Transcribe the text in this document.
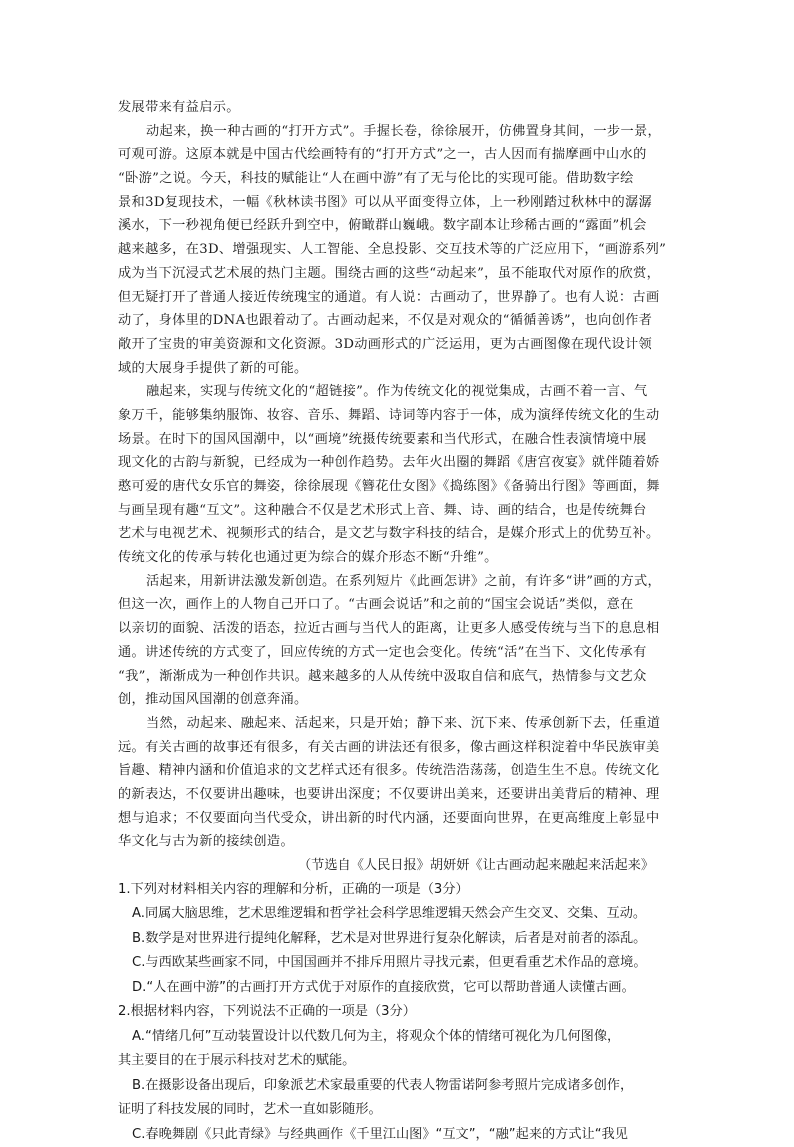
发展带来有益启示。
动起来，换一种古画的“打开方式”。手握长卷，徐徐展开，仿佛置身其间，一步一景，
可观可游。这原本就是中国古代绘画特有的“打开方式”之一，古人因而有揣摩画中山水的
“卧游”之说。今天，科技的赋能让“人在画中游”有了无与伦比的实现可能。借助数字绘
景和3D复现技术，一幅《秋林读书图》可以从平面变得立体，上一秒刚踏过秋林中的潺潺
溪水，下一秒视角便已经跃升到空中，俯瞰群山巍峨。数字副本让珍稀古画的“露面”机会
越来越多，在3D、增强现实、人工智能、全息投影、交互技术等的广泛应用下，“画游系列”
成为当下沉浸式艺术展的热门主题。围绕古画的这些“动起来”，虽不能取代对原作的欣赏，
但无疑打开了普通人接近传统瑰宝的通道。有人说：古画动了，世界静了。也有人说：古画
动了，身体里的DNA也跟着动了。古画动起来，不仅是对观众的“循循善诱”，也向创作者
敞开了宝贵的审美资源和文化资源。3D动画形式的广泛运用，更为古画图像在现代设计领
域的大展身手提供了新的可能。
融起来，实现与传统文化的“超链接”。作为传统文化的视觉集成，古画不着一言、气
象万千，能够集纳服饰、妆容、音乐、舞蹈、诗词等内容于一体，成为演绎传统文化的生动
场景。在时下的国风国潮中，以“画境”统摄传统要素和当代形式，在融合性表演情境中展
现文化的古韵与新貌，已经成为一种创作趋势。去年火出圈的舞蹈《唐宫夜宴》就伴随着娇
憨可爱的唐代女乐官的舞姿，徐徐展现《簪花仕女图》《捣练图》《备骑出行图》等画面，舞
与画呈现有趣“互文”。这种融合不仅是艺术形式上音、舞、诗、画的结合，也是传统舞台
艺术与电视艺术、视频形式的结合，是文艺与数字科技的结合，是媒介形式上的优势互补。
传统文化的传承与转化也通过更为综合的媒介形态不断“升维”。
活起来，用新讲法激发新创造。在系列短片《此画怎讲》之前，有许多“讲”画的方式，
但这一次，画作上的人物自己开口了。“古画会说话”和之前的“国宝会说话”类似，意在
以亲切的面貌、活泼的语态，拉近古画与当代人的距离，让更多人感受传统与当下的息息相
通。讲述传统的方式变了，回应传统的方式一定也会变化。传统“活”在当下、文化传承有
“我”，渐渐成为一种创作共识。越来越多的人从传统中汲取自信和底气，热情参与文艺众
创，推动国风国潮的创意奔涌。
当然，动起来、融起来、活起来，只是开始；静下来、沉下来、传承创新下去，任重道
远。有关古画的故事还有很多，有关古画的讲法还有很多，像古画这样积淀着中华民族审美
旨趣、精神内涵和价值追求的文艺样式还有很多。传统浩浩荡荡，创造生生不息。传统文化
的新表达，不仅要讲出趣味，也要讲出深度；不仅要讲出美来，还要讲出美背后的精神、理
想与追求；不仅要面向当代受众，讲出新的时代内涵，还要面向世界，在更高维度上彰显中
华文化与古为新的接续创造。
（节选自《人民日报》胡妍妍《让古画动起来融起来活起来》
1.下列对材料相关内容的理解和分析，正确的一项是（3分）
A.同属大脑思维，艺术思维逻辑和哲学社会科学思维逻辑天然会产生交叉、交集、互动。
B.数学是对世界进行提纯化解释，艺术是对世界进行复杂化解读，后者是对前者的添乱。
C.与西欧某些画家不同，中国国画并不排斥用照片寻找元素，但更看重艺术作品的意境。
D.“人在画中游”的古画打开方式优于对原作的直接欣赏，它可以帮助普通人读懂古画。
2.根据材料内容，下列说法不正确的一项是（3分）
A.“情绪几何”互动装置设计以代数几何为主，将观众个体的情绪可视化为几何图像，
其主要目的在于展示科技对艺术的赋能。
B.在摄影设备出现后，印象派艺术家最重要的代表人物雷诺阿参考照片完成诸多创作，
证明了科技发展的同时，艺术一直如影随形。
C.春晚舞剧《只此青绿》与经典画作《千里江山图》“互文”，“融”起来的方式让“我见
